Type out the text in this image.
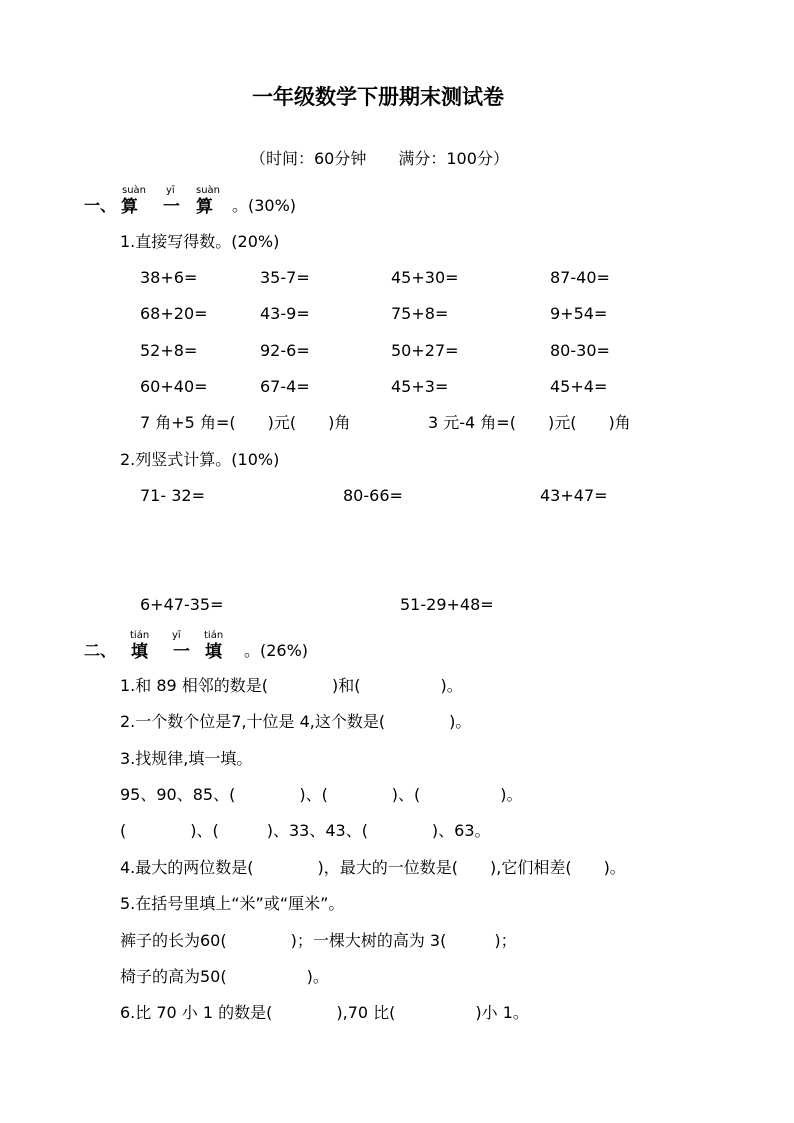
一年级数学下册期末测试卷
（时间：60分钟　　满分：100分）
一、
suàn yī suàn
算 一 算 。(30%)
1.直接写得数。(20%)
38+6=	35-7=	45+30=	87-40=
68+20=	43-9=	75+8=	9+54=
52+8=	92-6=	50+27=	80-30=
60+40=	67-4=	45+3=	45+4=
7 角+5 角=(　　)元(　　)角	3 元-4 角=(　　)元(　　)角
2.列竖式计算。(10%)
71- 32=	80-66=	43+47=
6+47-35=	51-29+48=
二、
tián yī tián
填 一 填 。(26%)
1.和 89 相邻的数是(　　　　)和(　　　　　)。
2.一个数个位是7,十位是 4,这个数是(　　　　)。
3.找规律,填一填。
95、90、85、(　　　　)、(　　　　)、(　　　　　)。
(　　　　)、(　　　)、33、43、(　　　　)、63。
4.最大的两位数是(　　　　)，最大的一位数是(　　),它们相差(　　)。
5.在括号里填上“米”或“厘米”。
裤子的长为60(　　　　)；一棵大树的高为 3(　　　)；
椅子的高为50(　　　　　)。
6.比 70 小 1 的数是(　　　　),70 比(　　　　　)小 1。
